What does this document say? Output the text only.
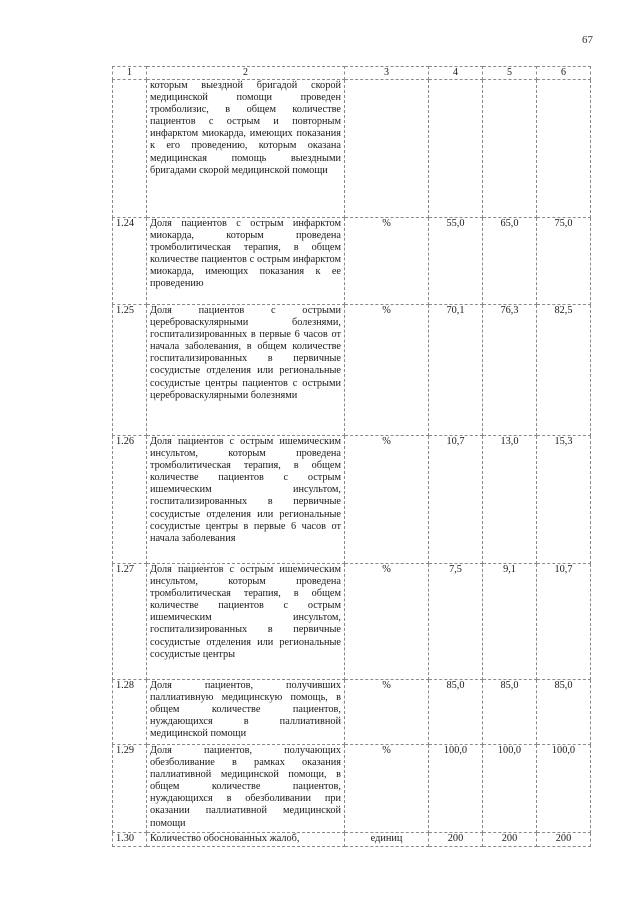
67
1	2	3	4	5	6
	которым выездной бригадой скорой медицинской помощи проведен тромболизис, в общем количестве пациентов с острым и повторным инфарктом миокарда, имеющих показания к его проведению, которым оказана медицинская помощь выездными бригадами скорой медицинской помощи				
1.24	Доля пациентов с острым инфарктом миокарда, которым проведена тромболитическая терапия, в общем количестве пациентов с острым инфарктом миокарда, имеющих показания к ее проведению	%	55,0	65,0	75,0
1.25	Доля пациентов с острыми цереброваскулярными болезнями, госпитализированных в первые 6 часов от начала заболевания, в общем количестве госпитализированных в первичные сосудистые отделения или региональные сосудистые центры пациентов с острыми цереброваскулярными болезнями	%	70,1	76,3	82,5
1.26	Доля пациентов с острым ишемическим инсультом, которым проведена тромболитическая терапия, в общем количестве пациентов с острым ишемическим инсультом, госпитализированных в первичные сосудистые отделения или региональные сосудистые центры в первые 6 часов от начала заболевания	%	10,7	13,0	15,3
1.27	Доля пациентов с острым ишемическим инсультом, которым проведена тромболитическая терапия, в общем количестве пациентов с острым ишемическим инсультом, госпитализированных в первичные сосудистые отделения или региональные сосудистые центры	%	7,5	9,1	10,7
1.28	Доля пациентов, получивших паллиативную медицинскую помощь, в общем количестве пациентов, нуждающихся в паллиативной медицинской помощи	%	85,0	85,0	85,0
1.29	Доля пациентов, получающих обезболивание в рамках оказания паллиативной медицинской помощи, в общем количестве пациентов, нуждающихся в обезболивании при оказании паллиативной медицинской помощи	%	100,0	100,0	100,0
1.30	Количество обоснованных жалоб,	единиц	200	200	200
